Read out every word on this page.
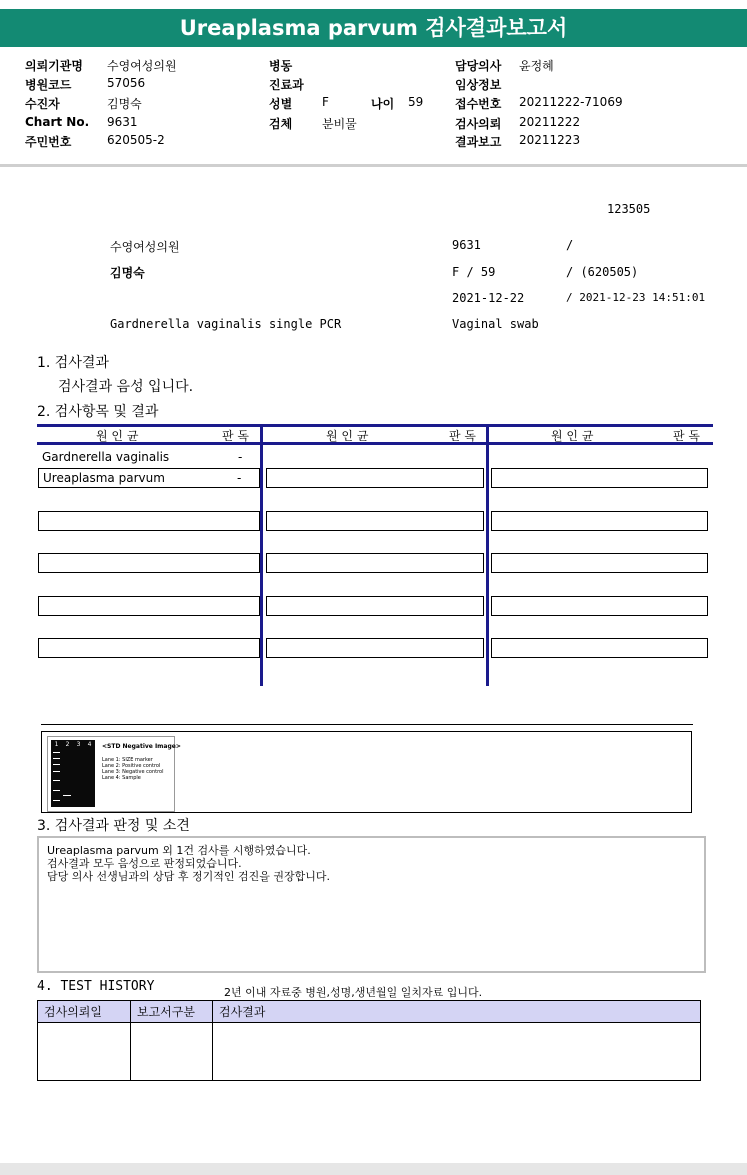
Ureaplasma parvum 검사결과보고서
의뢰기관명 수영여성의원
병원코드	57056
수진자	김명숙
Chart No. 9631
주민번호	620505-2
병동
진료과
성별 F	나이 59
검체 분비물
담당의사 윤정혜
임상정보
접수번호 20211222-71069
검사의뢰 20211222
결과보고 20211223
123505
수영여성의원	9631	/
김명숙	F / 59	/ (620505)
2021-12-22	/ 2021-12-23 14:51:01
Gardnerella vaginalis single PCR	Vaginal swab
1. 검사결과
검사결과 음성 입니다.
2. 검사항목 및 결과
원 인 균	판 독	원 인 균	판 독	원 인 균	판 독
Gardnerella vaginalis	-
Ureaplasma parvum	-
1 2 3 4 <STD Negative Image>
Lane 1: SIZE marker
Lane 2: Positive control
Lane 3: Negative control
Lane 4: Sample
3. 검사결과 판정 및 소견
Ureaplasma parvum 외 1건 검사를 시행하였습니다.
검사결과 모두 음성으로 판정되었습니다.
담당 의사 선생님과의 상담 후 정기적인 검진을 권장합니다.
4. TEST HISTORY	2년 이내 자료중 병원,성명,생년월일 일치자료 입니다.
검사의뢰일	보고서구분	검사결과
